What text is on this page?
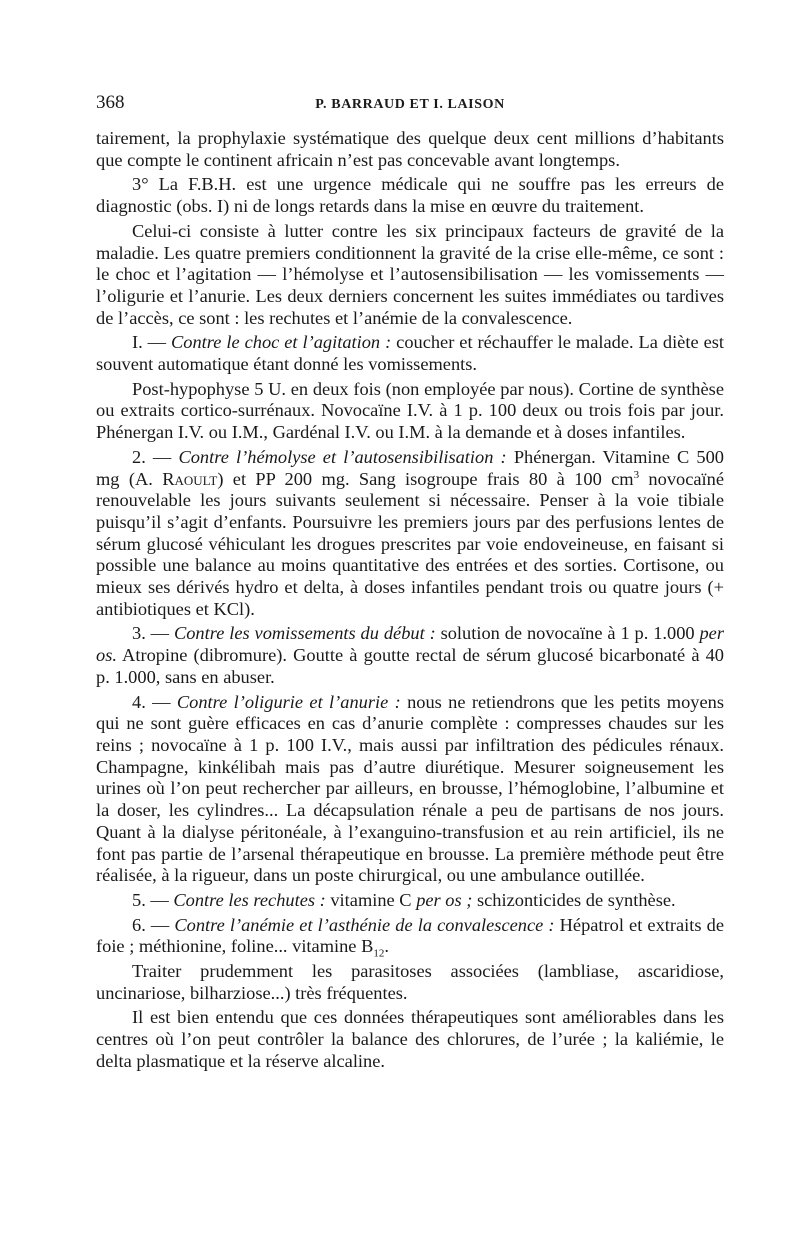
368	P. BARRAUD ET I. LAISON

tairement, la prophylaxie systématique des quelque deux cent millions d’habitants que compte le continent africain n’est pas concevable avant longtemps.

3° La F.B.H. est une urgence médicale qui ne souffre pas les erreurs de diagnostic (obs. I) ni de longs retards dans la mise en œuvre du traitement.

Celui-ci consiste à lutter contre les six principaux facteurs de gravité de la maladie. Les quatre premiers conditionnent la gravité de la crise elle-même, ce sont : le choc et l’agitation — l’hémolyse et l’autosensibilisation — les vomissements — l’oligurie et l’anurie. Les deux derniers concernent les suites immédiates ou tardives de l’accès, ce sont : les rechutes et l’anémie de la convalescence.

I. — Contre le choc et l’agitation : coucher et réchauffer le malade. La diète est souvent automatique étant donné les vomissements.

Post-hypophyse 5 U. en deux fois (non employée par nous). Cortine de synthèse ou extraits cortico-surrénaux. Novocaïne I.V. à 1 p. 100 deux ou trois fois par jour. Phénergan I.V. ou I.M., Gardénal I.V. ou I.M. à la demande et à doses infantiles.

2. — Contre l’hémolyse et l’autosensibilisation : Phénergan. Vitamine C 500 mg (A. Raoult) et PP 200 mg. Sang isogroupe frais 80 à 100 $cm^3$ novocaïné renouvelable les jours suivants seulement si nécessaire. Penser à la voie tibiale puisqu’il s’agit d’enfants. Poursuivre les premiers jours par des perfusions lentes de sérum glucosé véhiculant les drogues prescrites par voie endoveineuse, en faisant si possible une balance au moins quantitative des entrées et des sorties. Cortisone, ou mieux ses dérivés hydro et delta, à doses infantiles pendant trois ou quatre jours (+ antibiotiques et KCl).

3. — Contre les vomissements du début : solution de novocaïne à 1 p. 1.000 per os. Atropine (dibromure). Goutte à goutte rectal de sérum glucosé bicarbonaté à 40 p. 1.000, sans en abuser.

4. — Contre l’oligurie et l’anurie : nous ne retiendrons que les petits moyens qui ne sont guère efficaces en cas d’anurie complète : compresses chaudes sur les reins ; novocaïne à 1 p. 100 I.V., mais aussi par infiltration des pédicules rénaux. Champagne, kinkélibah mais pas d’autre diurétique. Mesurer soigneusement les urines où l’on peut rechercher par ailleurs, en brousse, l’hémoglobine, l’albumine et la doser, les cylindres... La décapsulation rénale a peu de partisans de nos jours. Quant à la dialyse péritonéale, à l’exanguino-transfusion et au rein artificiel, ils ne font pas partie de l’arsenal thérapeutique en brousse. La première méthode peut être réalisée, à la rigueur, dans un poste chirurgical, ou une ambulance outillée.

5. — Contre les rechutes : vitamine C per os ; schizonticides de synthèse.

6. — Contre l’anémie et l’asthénie de la convalescence : Hépatrol et extraits de foie ; méthionine, foline... vitamine $B_{12}$.

Traiter prudemment les parasitoses associées (lambliase, ascaridiose, uncinariose, bilharziose...) très fréquentes.

Il est bien entendu que ces données thérapeutiques sont améliorables dans les centres où l’on peut contrôler la balance des chlorures, de l’urée ; la kaliémie, le delta plasmatique et la réserve alcaline.
